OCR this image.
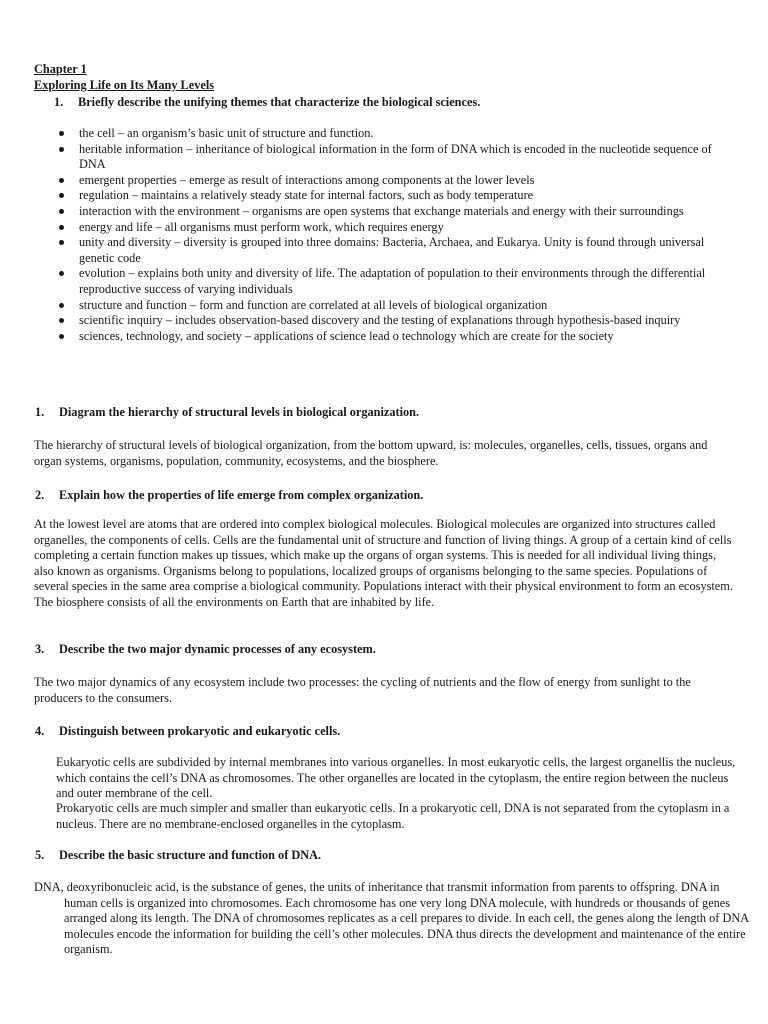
Chapter 1
Exploring Life on Its Many Levels
1. Briefly describe the unifying themes that characterize the biological sciences.
the cell – an organism’s basic unit of structure and function.
heritable information – inheritance of biological information in the form of DNA which is encoded in the nucleotide sequence of DNA
emergent properties – emerge as result of interactions among components at the lower levels
regulation – maintains a relatively steady state for internal factors, such as body temperature
interaction with the environment – organisms are open systems that exchange materials and energy with their surroundings
energy and life – all organisms must perform work, which requires energy
unity and diversity – diversity is grouped into three domains: Bacteria, Archaea, and Eukarya. Unity is found through universal genetic code
evolution – explains both unity and diversity of life. The adaptation of population to their environments through the differential reproductive success of varying individuals
structure and function – form and function are correlated at all levels of biological organization
scientific inquiry – includes observation-based discovery and the testing of explanations through hypothesis-based inquiry
sciences, technology, and society – applications of science lead o technology which are create for the society
1. Diagram the hierarchy of structural levels in biological organization.
The hierarchy of structural levels of biological organization, from the bottom upward, is: molecules, organelles, cells, tissues, organs and organ systems, organisms, population, community, ecosystems, and the biosphere.
2. Explain how the properties of life emerge from complex organization.
At the lowest level are atoms that are ordered into complex biological molecules. Biological molecules are organized into structures called organelles, the components of cells. Cells are the fundamental unit of structure and function of living things. A group of a certain kind of cells completing a certain function makes up tissues, which make up the organs of organ systems. This is needed for all individual living things, also known as organisms. Organisms belong to populations, localized groups of organisms belonging to the same species. Populations of several species in the same area comprise a biological community. Populations interact with their physical environment to form an ecosystem. The biosphere consists of all the environments on Earth that are inhabited by life.
3. Describe the two major dynamic processes of any ecosystem.
The two major dynamics of any ecosystem include two processes: the cycling of nutrients and the flow of energy from sunlight to the producers to the consumers.
4. Distinguish between prokaryotic and eukaryotic cells.
Eukaryotic cells are subdivided by internal membranes into various organelles. In most eukaryotic cells, the largest organellis the nucleus, which contains the cell’s DNA as chromosomes. The other organelles are located in the cytoplasm, the entire region between the nucleus and outer membrane of the cell.
Prokaryotic cells are much simpler and smaller than eukaryotic cells. In a prokaryotic cell, DNA is not separated from the cytoplasm in a nucleus. There are no membrane-enclosed organelles in the cytoplasm.
5. Describe the basic structure and function of DNA.
DNA, deoxyribonucleic acid, is the substance of genes, the units of inheritance that transmit information from parents to offspring. DNA in human cells is organized into chromosomes. Each chromosome has one very long DNA molecule, with hundreds or thousands of genes arranged along its length. The DNA of chromosomes replicates as a cell prepares to divide. In each cell, the genes along the length of DNA molecules encode the information for building the cell’s other molecules. DNA thus directs the development and maintenance of the entire organism.
